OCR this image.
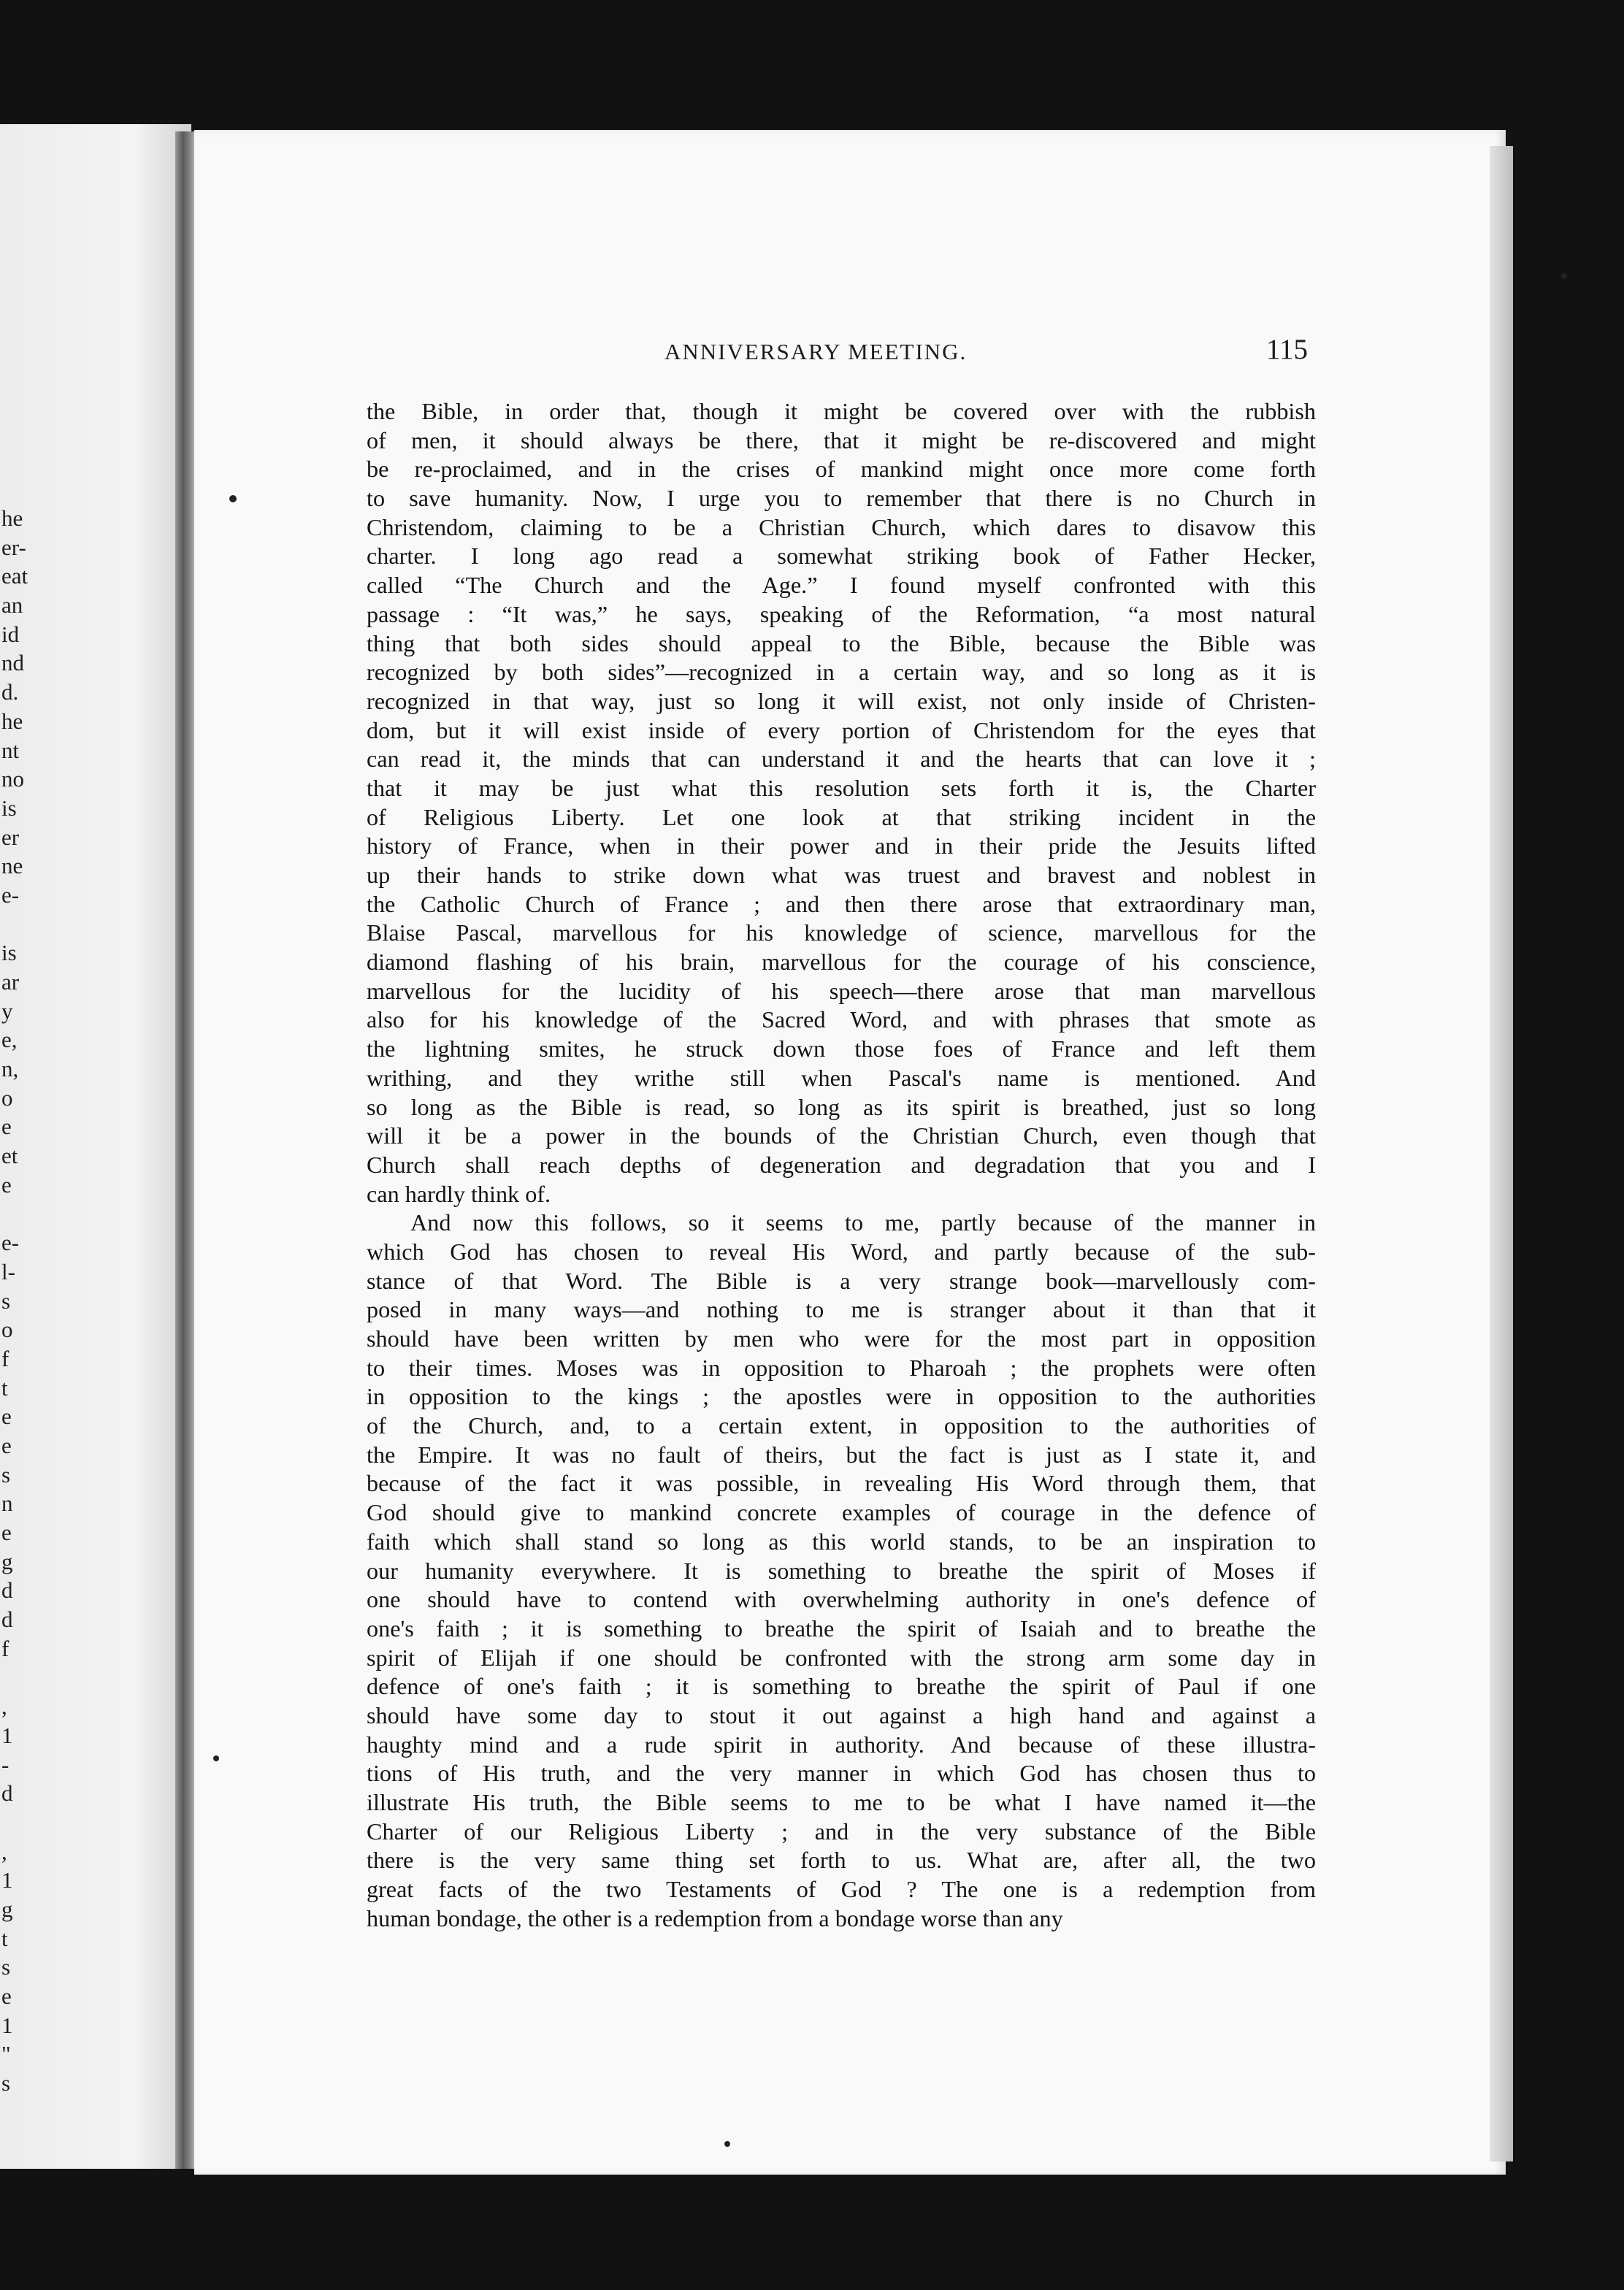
he
er-
eat
an
id
nd
d.
he
nt
no
is
er
ne
e-
is
ar
y
e,
n,
o
e
et
e
e-
l-
s
o
f
t
e
e
s
n
e
g
d
d
f
,
1
-
d
,
1
g
t
s
e
1
"
s
ANNIVERSARY MEETING.	115
the Bible, in order that, though it might be covered over with the rubbish
of men, it should always be there, that it might be re-discovered and might
be re-proclaimed, and in the crises of mankind might once more come forth
to save humanity. Now, I urge you to remember that there is no Church in
Christendom, claiming to be a Christian Church, which dares to disavow this
charter. I long ago read a somewhat striking book of Father Hecker,
called “The Church and the Age.” I found myself confronted with this
passage : “It was,” he says, speaking of the Reformation, “a most natural
thing that both sides should appeal to the Bible, because the Bible was
recognized by both sides”—recognized in a certain way, and so long as it is
recognized in that way, just so long it will exist, not only inside of Christen-
dom, but it will exist inside of every portion of Christendom for the eyes that
can read it, the minds that can understand it and the hearts that can love it ;
that it may be just what this resolution sets forth it is, the Charter
of Religious Liberty. Let one look at that striking incident in the
history of France, when in their power and in their pride the Jesuits lifted
up their hands to strike down what was truest and bravest and noblest in
the Catholic Church of France ; and then there arose that extraordinary man,
Blaise Pascal, marvellous for his knowledge of science, marvellous for the
diamond flashing of his brain, marvellous for the courage of his conscience,
marvellous for the lucidity of his speech—there arose that man marvellous
also for his knowledge of the Sacred Word, and with phrases that smote as
the lightning smites, he struck down those foes of France and left them
writhing, and they writhe still when Pascal's name is mentioned. And
so long as the Bible is read, so long as its spirit is breathed, just so long
will it be a power in the bounds of the Christian Church, even though that
Church shall reach depths of degeneration and degradation that you and I
can hardly think of.
And now this follows, so it seems to me, partly because of the manner in
which God has chosen to reveal His Word, and partly because of the sub-
stance of that Word. The Bible is a very strange book—marvellously com-
posed in many ways—and nothing to me is stranger about it than that it
should have been written by men who were for the most part in opposition
to their times. Moses was in opposition to Pharoah ; the prophets were often
in opposition to the kings ; the apostles were in opposition to the authorities
of the Church, and, to a certain extent, in opposition to the authorities of
the Empire. It was no fault of theirs, but the fact is just as I state it, and
because of the fact it was possible, in revealing His Word through them, that
God should give to mankind concrete examples of courage in the defence of
faith which shall stand so long as this world stands, to be an inspiration to
our humanity everywhere. It is something to breathe the spirit of Moses if
one should have to contend with overwhelming authority in one's defence of
one's faith ; it is something to breathe the spirit of Isaiah and to breathe the
spirit of Elijah if one should be confronted with the strong arm some day in
defence of one's faith ; it is something to breathe the spirit of Paul if one
should have some day to stout it out against a high hand and against a
haughty mind and a rude spirit in authority. And because of these illustra-
tions of His truth, and the very manner in which God has chosen thus to
illustrate His truth, the Bible seems to me to be what I have named it—the
Charter of our Religious Liberty ; and in the very substance of the Bible
there is the very same thing set forth to us. What are, after all, the two
great facts of the two Testaments of God ? The one is a redemption from
human bondage, the other is a redemption from a bondage worse than any
